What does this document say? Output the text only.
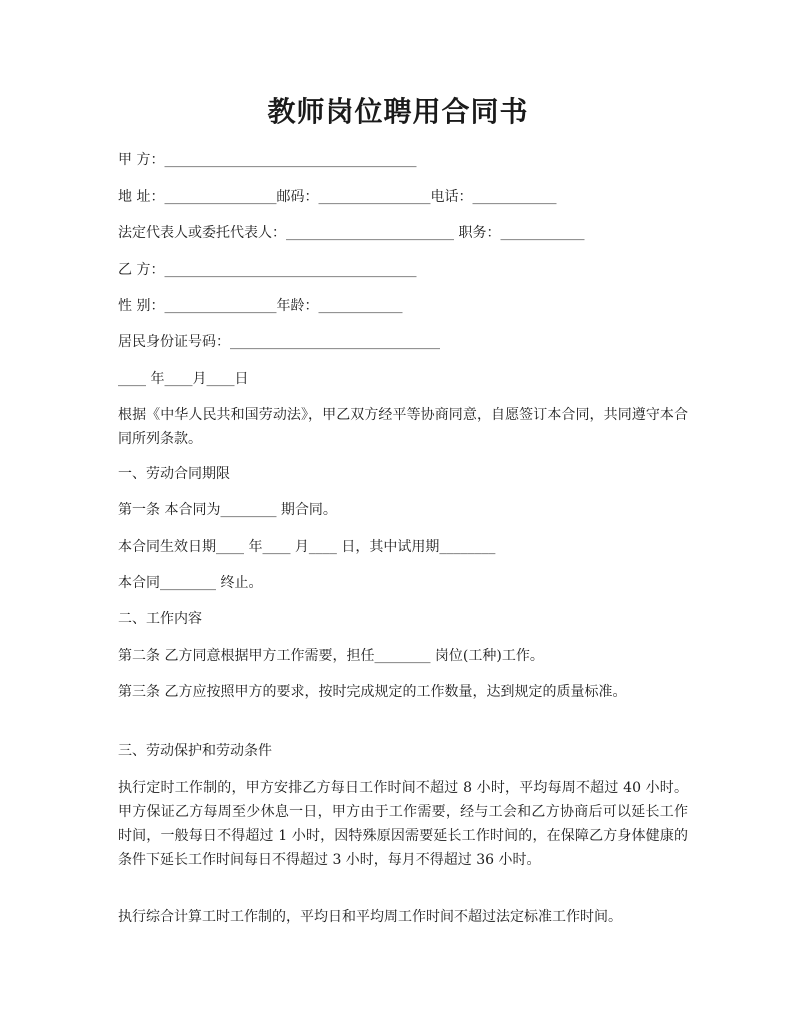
教师岗位聘用合同书
甲 方：____________________________________
地 址：________________邮码：________________电话：____________
法定代表人或委托代表人：________________________ 职务：____________
乙 方：____________________________________
性 别：________________年龄：____________
居民身份证号码：______________________________
____ 年____月____日
根据《中华人民共和国劳动法》，甲乙双方经平等协商同意，自愿签订本合同，共同遵守本合同所列条款。
一、劳动合同期限
第一条 本合同为________ 期合同。
本合同生效日期____ 年____ 月____ 日，其中试用期________
本合同________ 终止。
二、工作内容
第二条 乙方同意根据甲方工作需要，担任________ 岗位(工种)工作。
第三条 乙方应按照甲方的要求，按时完成规定的工作数量，达到规定的质量标准。
三、劳动保护和劳动条件
执行定时工作制的，甲方安排乙方每日工作时间不超过 8 小时，平均每周不超过 40 小时。甲方保证乙方每周至少休息一日，甲方由于工作需要，经与工会和乙方协商后可以延长工作时间，一般每日不得超过 1 小时，因特殊原因需要延长工作时间的，在保障乙方身体健康的条件下延长工作时间每日不得超过 3 小时，每月不得超过 36 小时。
执行综合计算工时工作制的，平均日和平均周工作时间不超过法定标准工作时间。
